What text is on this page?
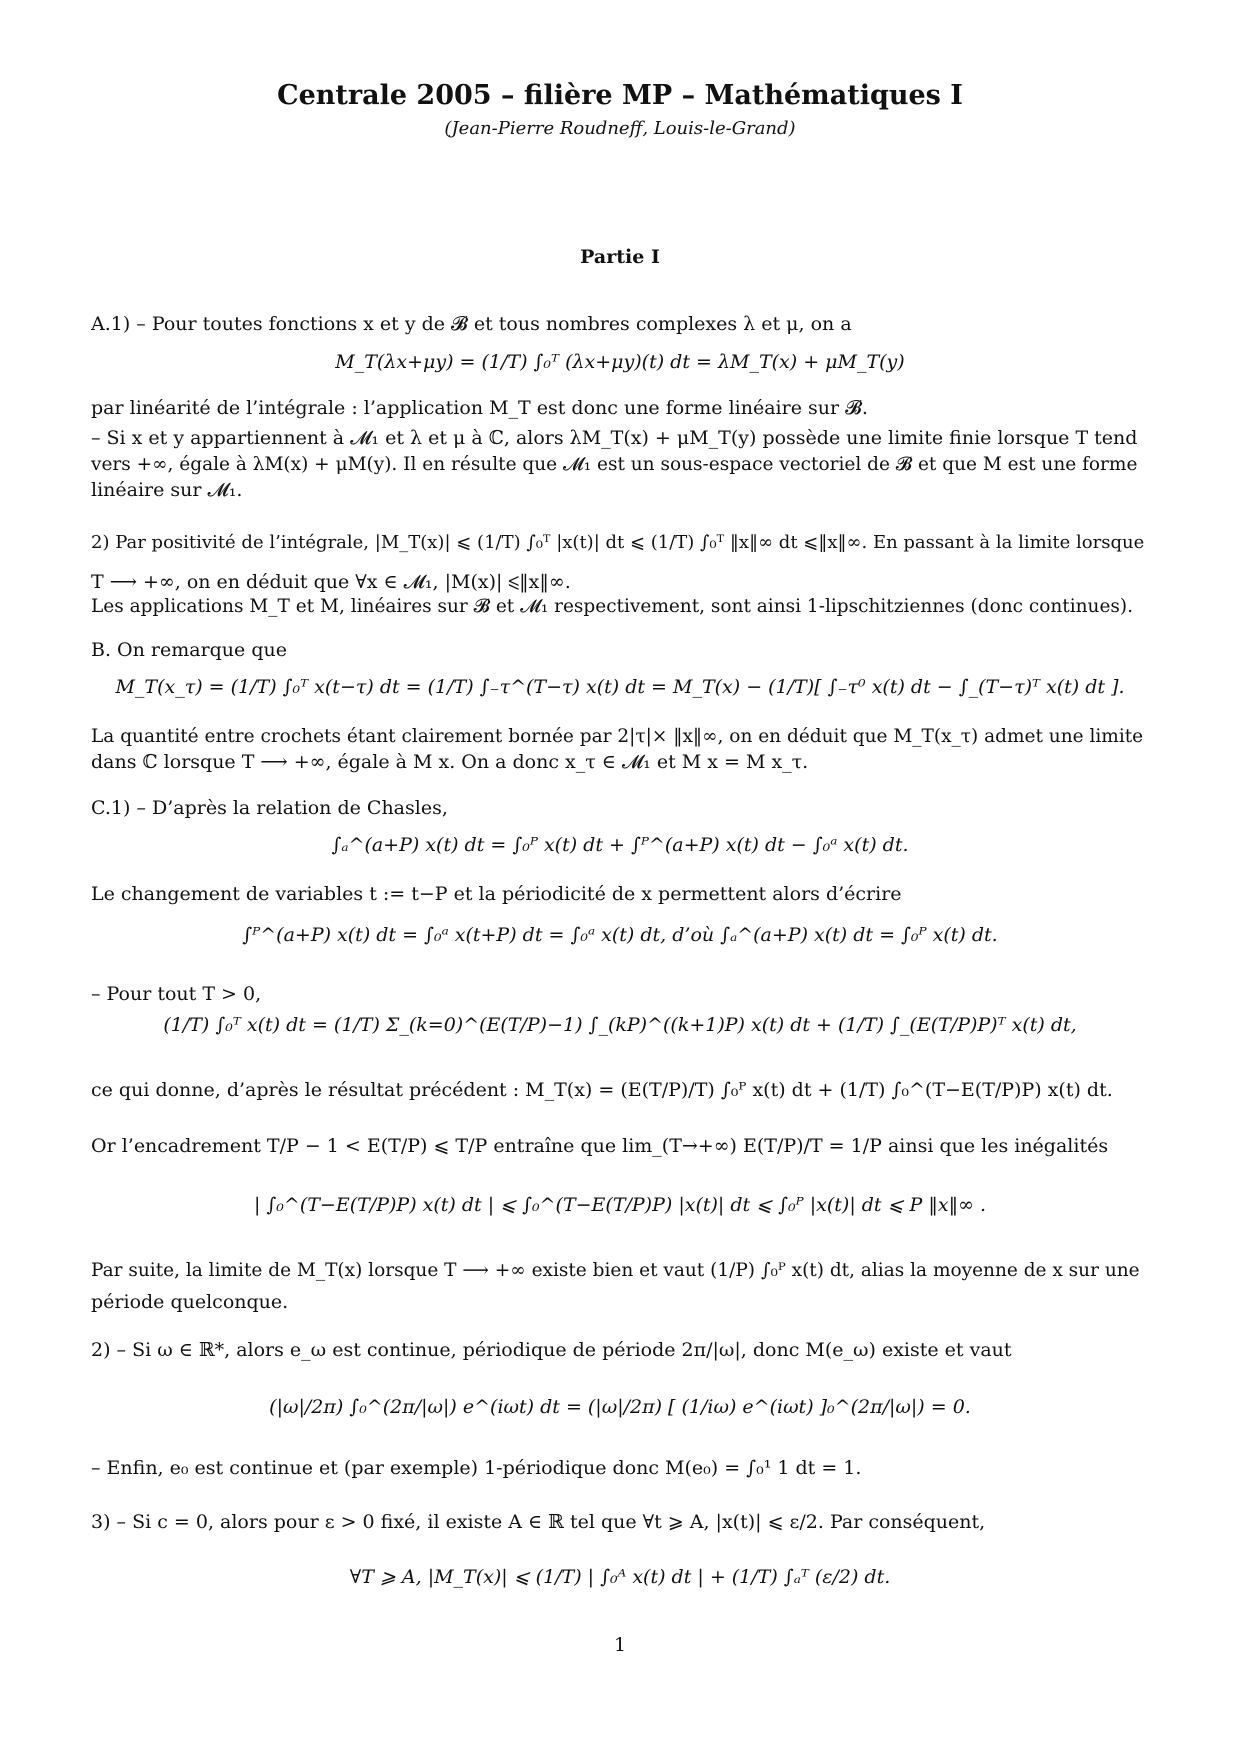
Centrale 2005 – filière MP – Mathématiques I
(Jean-Pierre Roudneff, Louis-le-Grand)
Partie I
A.1) – Pour toutes fonctions x et y de 𝓑 et tous nombres complexes λ et μ, on a
M_T(λx+μy) = (1/T) ∫₀ᵀ (λx+μy)(t) dt = λM_T(x) + μM_T(y)
par linéarité de l’intégrale : l’application M_T est donc une forme linéaire sur 𝓑.
– Si x et y appartiennent à 𝓜₁ et λ et μ à ℂ, alors λM_T(x) + μM_T(y) possède une limite finie lorsque T tend
vers +∞, égale à λM(x) + μM(y). Il en résulte que 𝓜₁ est un sous-espace vectoriel de 𝓑 et que M est une forme
linéaire sur 𝓜₁.
2) Par positivité de l’intégrale, |M_T(x)| ⩽ (1/T) ∫₀ᵀ |x(t)| dt ⩽ (1/T) ∫₀ᵀ ‖x‖∞ dt ⩽‖x‖∞. En passant à la limite lorsque
T ⟶ +∞, on en déduit que ∀x ∈ 𝓜₁, |M(x)| ⩽‖x‖∞.
Les applications M_T et M, linéaires sur 𝓑 et 𝓜₁ respectivement, sont ainsi 1-lipschitziennes (donc continues).
B. On remarque que
M_T(x_τ) = (1/T) ∫₀ᵀ x(t−τ) dt = (1/T) ∫₋τ^(T−τ) x(t) dt = M_T(x) − (1/T)[ ∫₋τ⁰ x(t) dt − ∫_(T−τ)ᵀ x(t) dt ].
La quantité entre crochets étant clairement bornée par 2|τ|× ‖x‖∞, on en déduit que M_T(x_τ) admet une limite
dans ℂ lorsque T ⟶ +∞, égale à M x. On a donc x_τ ∈ 𝓜₁ et M x = M x_τ.
C.1) – D’après la relation de Chasles,
∫ₐ^(a+P) x(t) dt = ∫₀ᴾ x(t) dt + ∫ᴾ^(a+P) x(t) dt − ∫₀ᵃ x(t) dt.
Le changement de variables t := t−P et la périodicité de x permettent alors d’écrire
∫ᴾ^(a+P) x(t) dt = ∫₀ᵃ x(t+P) dt = ∫₀ᵃ x(t) dt, d’où ∫ₐ^(a+P) x(t) dt = ∫₀ᴾ x(t) dt.
– Pour tout T > 0,
(1/T) ∫₀ᵀ x(t) dt = (1/T) Σ_(k=0)^(E(T/P)−1) ∫_(kP)^((k+1)P) x(t) dt + (1/T) ∫_(E(T/P)P)ᵀ x(t) dt,
ce qui donne, d’après le résultat précédent : M_T(x) = (E(T/P)/T) ∫₀ᴾ x(t) dt + (1/T) ∫₀^(T−E(T/P)P) x(t) dt.
Or l’encadrement T/P − 1 < E(T/P) ⩽ T/P entraîne que lim_(T→+∞) E(T/P)/T = 1/P ainsi que les inégalités
| ∫₀^(T−E(T/P)P) x(t) dt | ⩽ ∫₀^(T−E(T/P)P) |x(t)| dt ⩽ ∫₀ᴾ |x(t)| dt ⩽ P ‖x‖∞ .
Par suite, la limite de M_T(x) lorsque T ⟶ +∞ existe bien et vaut (1/P) ∫₀ᴾ x(t) dt, alias la moyenne de x sur une
période quelconque.
2) – Si ω ∈ ℝ*, alors e_ω est continue, périodique de période 2π/|ω|, donc M(e_ω) existe et vaut
(|ω|/2π) ∫₀^(2π/|ω|) e^(iωt) dt = (|ω|/2π) [ (1/iω) e^(iωt) ]₀^(2π/|ω|) = 0.
– Enfin, e₀ est continue et (par exemple) 1-périodique donc M(e₀) = ∫₀¹ 1 dt = 1.
3) – Si c = 0, alors pour ε > 0 fixé, il existe A ∈ ℝ tel que ∀t ⩾ A, |x(t)| ⩽ ε/2. Par conséquent,
∀T ⩾ A, |M_T(x)| ⩽ (1/T) | ∫₀ᴬ x(t) dt | + (1/T) ∫ₐᵀ (ε/2) dt.
1
